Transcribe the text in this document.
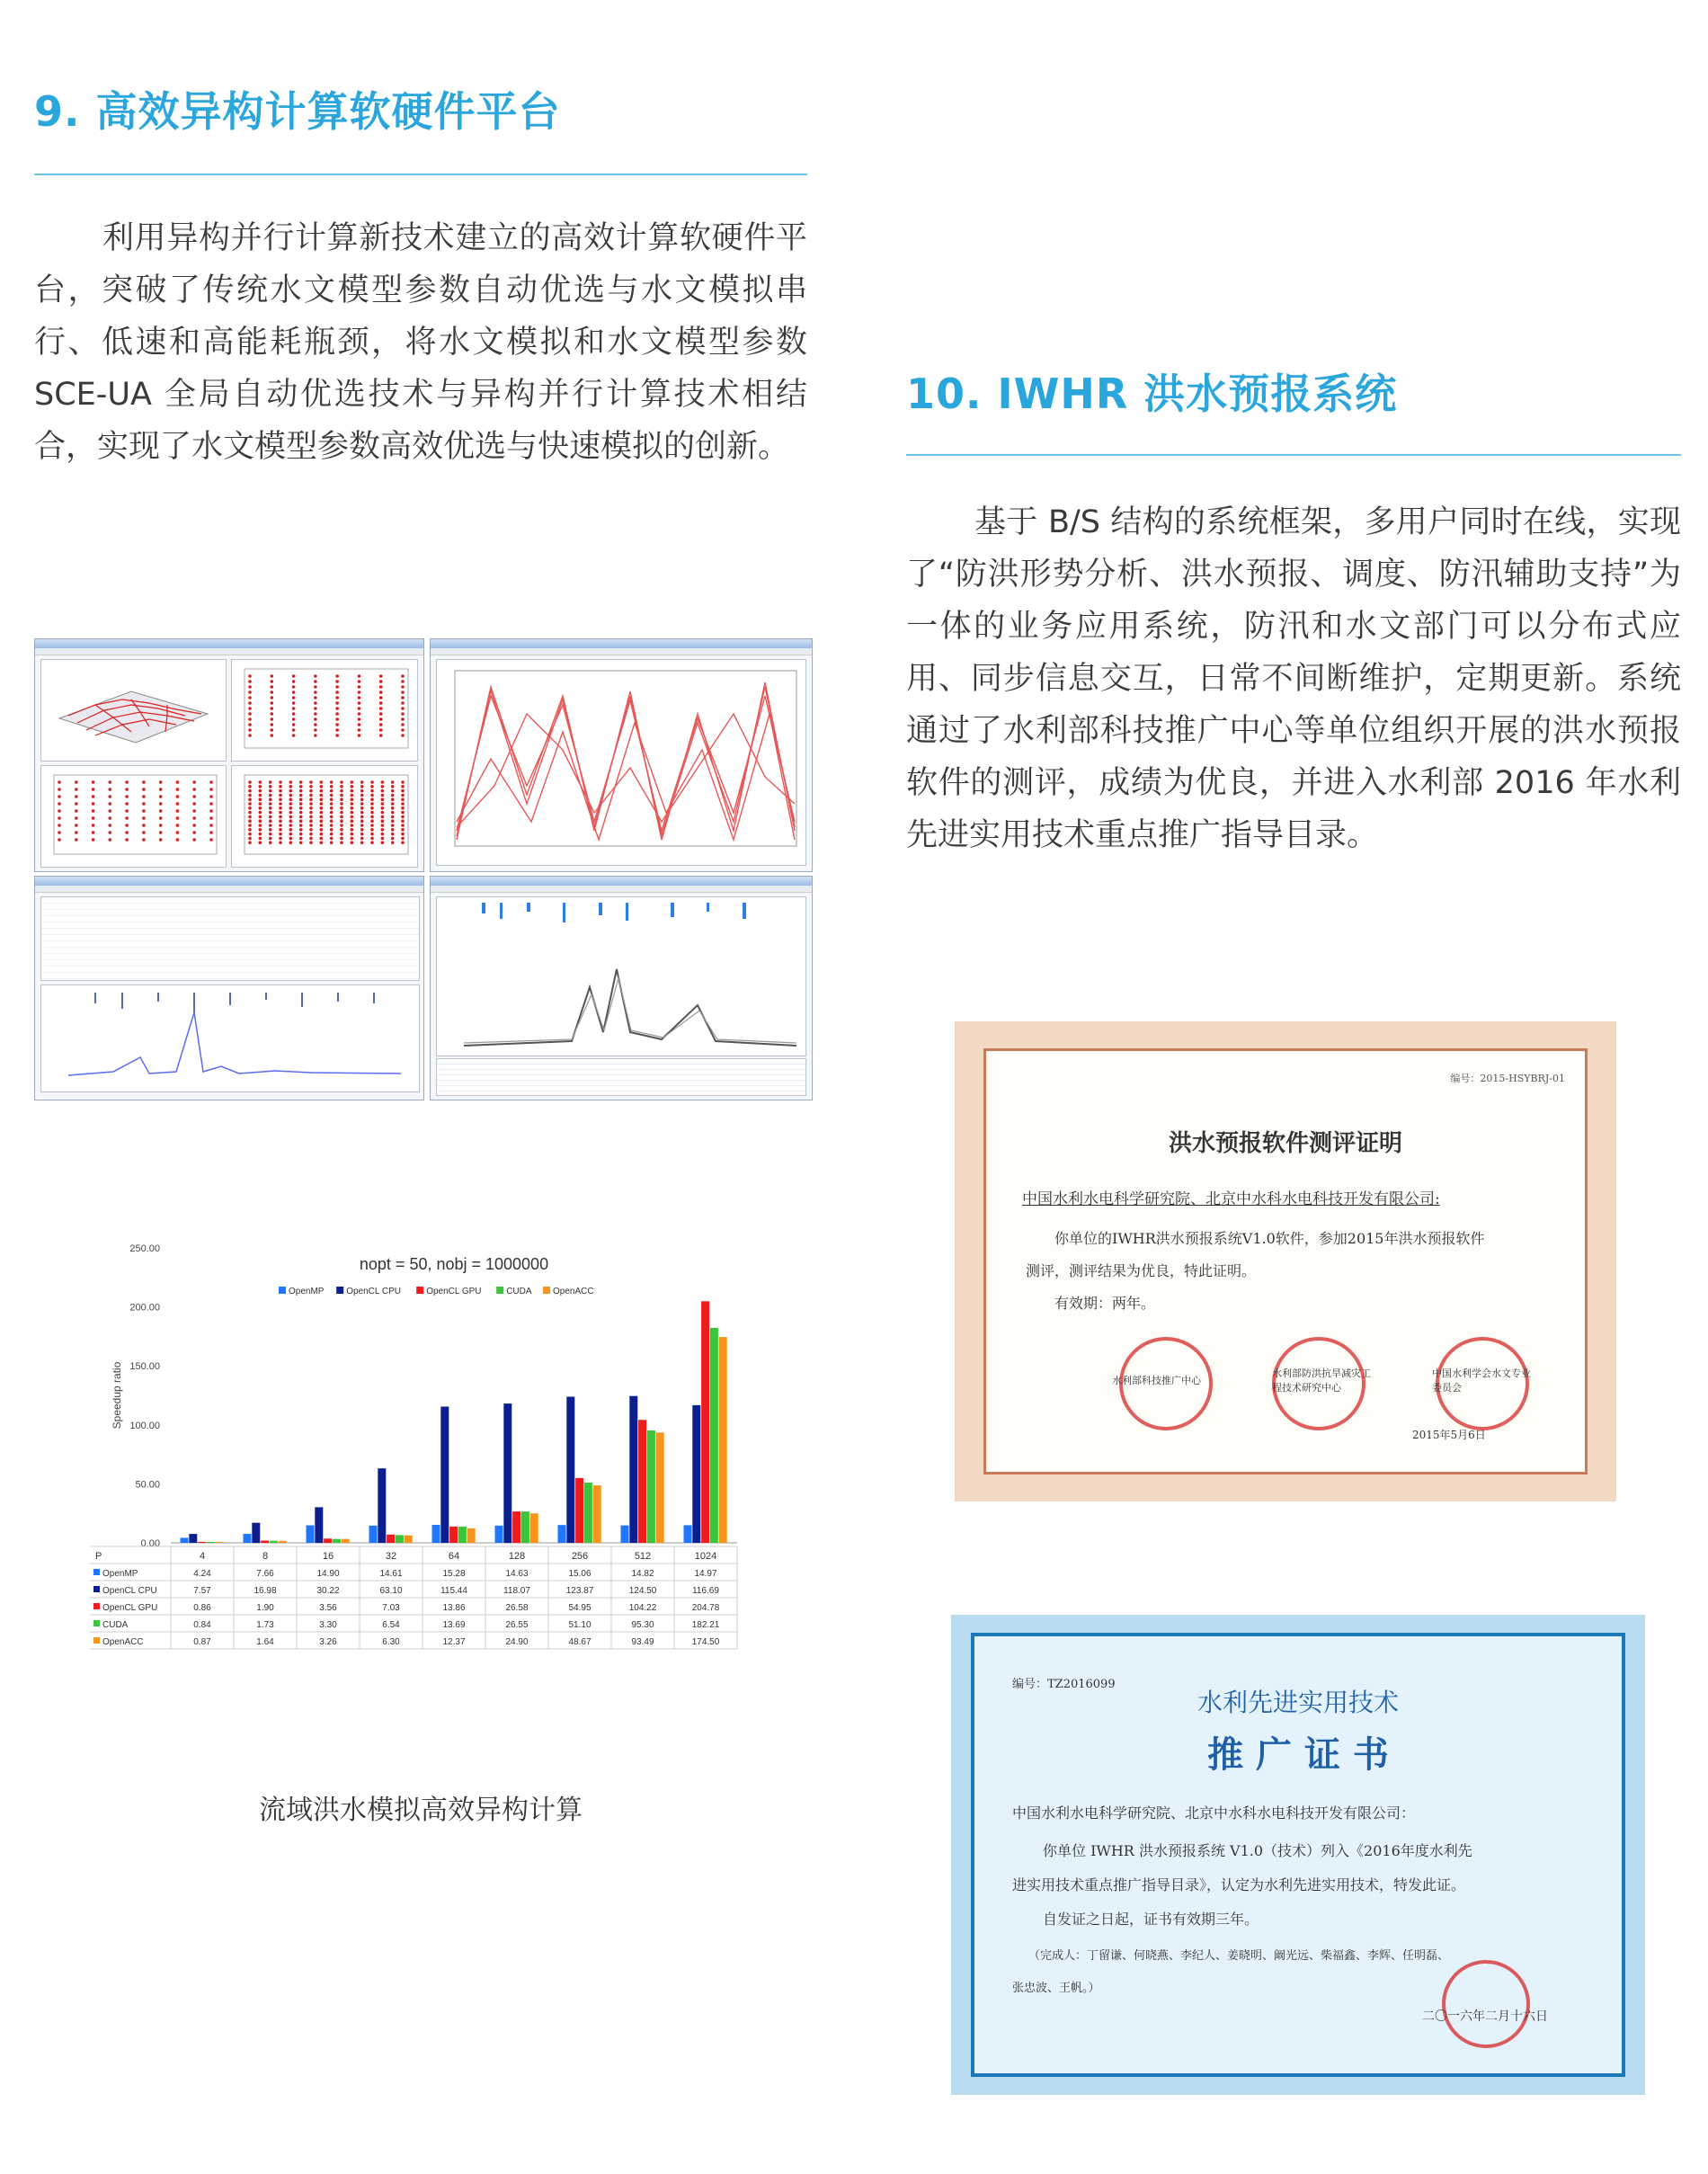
9. 高效异构计算软硬件平台
利用异构并行计算新技术建立的高效计算软硬件平台，突破了传统水文模型参数自动优选与水文模拟串行、低速和高能耗瓶颈，将水文模拟和水文模型参数 SCE-UA 全局自动优选技术与异构并行计算技术相结合，实现了水文模型参数高效优选与快速模拟的创新。
250.00
200.00
150.00
100.00
50.00
0.00
Speedup ratio
nopt = 50, nobj = 1000000
OpenMP OpenCL CPU	OpenCL GPU	CUDA OpenACC
P	4	8	16	32	64	128	256	512	1024
OpenMP	4.24	7.66	14.90	14.61	15.28	14.63	15.06	14.82	14.97
OpenCL CPU	7.57	16.98	30.22	63.10	115.44	118.07	123.87	124.50	116.69
OpenCL GPU	0.86	1.90	3.56	7.03	13.86	26.58	54.95	104.22	204.78
CUDA	0.84	1.73	3.30	6.54	13.69	26.55	51.10	95.30	182.21
OpenACC	0.87	1.64	3.26	6.30	12.37	24.90	48.67	93.49	174.50
流域洪水模拟高效异构计算
10. IWHR 洪水预报系统
基于 B/S 结构的系统框架，多用户同时在线，实现了“防洪形势分析、洪水预报、调度、防汛辅助支持”为一体的业务应用系统，防汛和水文部门可以分布式应用、同步信息交互，日常不间断维护，定期更新。系统通过了水利部科技推广中心等单位组织开展的洪水预报软件的测评，成绩为优良，并进入水利部 2016 年水利先进实用技术重点推广指导目录。
编号：2015-HSYBRJ-01
洪水预报软件测评证明
中国水利水电科学研究院、北京中水科水电科技开发有限公司:
你单位的IWHR洪水预报系统V1.0软件，参加2015年洪水预报软件
测评，测评结果为优良，特此证明。
有效期：两年。
水利部科技推广中心
水利部防洪抗旱减灾工程技术研究中心
中国水利学会水文专业委员会
2015年5月6日
编号：TZ2016099
水利先进实用技术
推 广 证 书
中国水利水电科学研究院、北京中水科水电科技开发有限公司：
你单位 IWHR 洪水预报系统 V1.0（技术）列入《2016年度水利先
进实用技术重点推广指导目录》，认定为水利先进实用技术，特发此证。
自发证之日起，证书有效期三年。
（完成人：丁留谦、何晓燕、李纪人、姜晓明、阚光远、柴福鑫、李辉、任明磊、
张忠波、王帆。）
二〇一六年二月十六日
